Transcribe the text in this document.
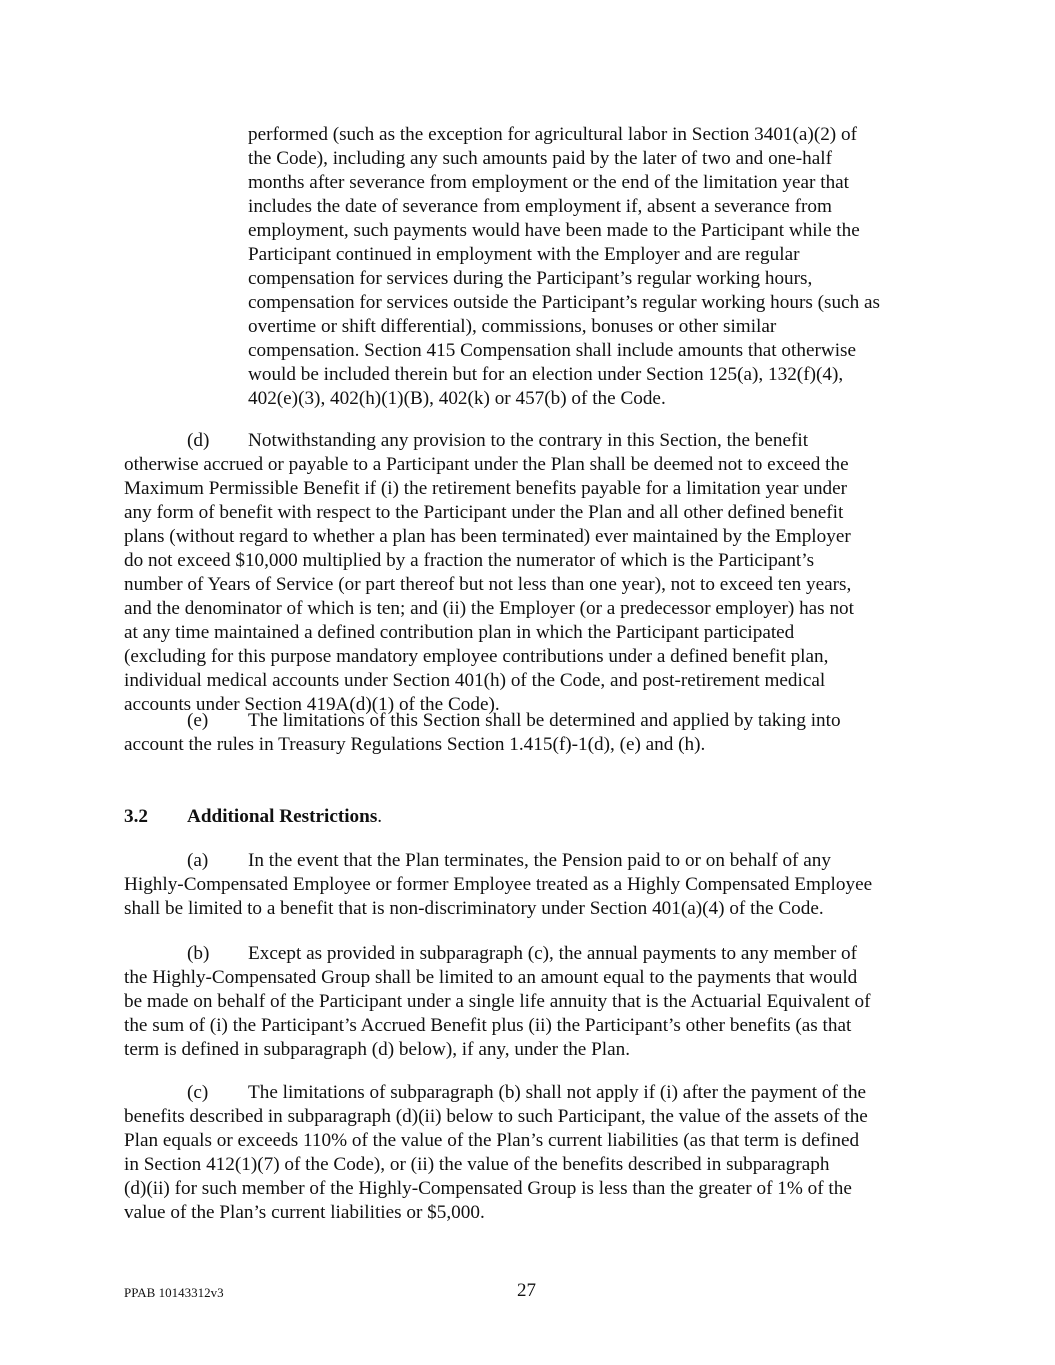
performed (such as the exception for agricultural labor in Section 3401(a)(2) of
the Code), including any such amounts paid by the later of two and one-half
months after severance from employment or the end of the limitation year that
includes the date of severance from employment if, absent a severance from
employment, such payments would have been made to the Participant while the
Participant continued in employment with the Employer and are regular
compensation for services during the Participant’s regular working hours,
compensation for services outside the Participant’s regular working hours (such as
overtime or shift differential), commissions, bonuses or other similar
compensation. Section 415 Compensation shall include amounts that otherwise
would be included therein but for an election under Section 125(a), 132(f)(4),
402(e)(3), 402(h)(1)(B), 402(k) or 457(b) of the Code.
(d) Notwithstanding any provision to the contrary in this Section, the benefit
otherwise accrued or payable to a Participant under the Plan shall be deemed not to exceed the
Maximum Permissible Benefit if (i) the retirement benefits payable for a limitation year under
any form of benefit with respect to the Participant under the Plan and all other defined benefit
plans (without regard to whether a plan has been terminated) ever maintained by the Employer
do not exceed $10,000 multiplied by a fraction the numerator of which is the Participant’s
number of Years of Service (or part thereof but not less than one year), not to exceed ten years,
and the denominator of which is ten; and (ii) the Employer (or a predecessor employer) has not
at any time maintained a defined contribution plan in which the Participant participated
(excluding for this purpose mandatory employee contributions under a defined benefit plan,
individual medical accounts under Section 401(h) of the Code, and post-retirement medical
accounts under Section 419A(d)(1) of the Code).
(e) The limitations of this Section shall be determined and applied by taking into
account the rules in Treasury Regulations Section 1.415(f)-1(d), (e) and (h).
3.2 Additional Restrictions.
(a) In the event that the Plan terminates, the Pension paid to or on behalf of any
Highly-Compensated Employee or former Employee treated as a Highly Compensated Employee
shall be limited to a benefit that is non-discriminatory under Section 401(a)(4) of the Code.
(b) Except as provided in subparagraph (c), the annual payments to any member of
the Highly-Compensated Group shall be limited to an amount equal to the payments that would
be made on behalf of the Participant under a single life annuity that is the Actuarial Equivalent of
the sum of (i) the Participant’s Accrued Benefit plus (ii) the Participant’s other benefits (as that
term is defined in subparagraph (d) below), if any, under the Plan.
(c) The limitations of subparagraph (b) shall not apply if (i) after the payment of the
benefits described in subparagraph (d)(ii) below to such Participant, the value of the assets of the
Plan equals or exceeds 110% of the value of the Plan’s current liabilities (as that term is defined
in Section 412(1)(7) of the Code), or (ii) the value of the benefits described in subparagraph
(d)(ii) for such member of the Highly-Compensated Group is less than the greater of 1% of the
value of the Plan’s current liabilities or $5,000.
PPAB 10143312v3	27
